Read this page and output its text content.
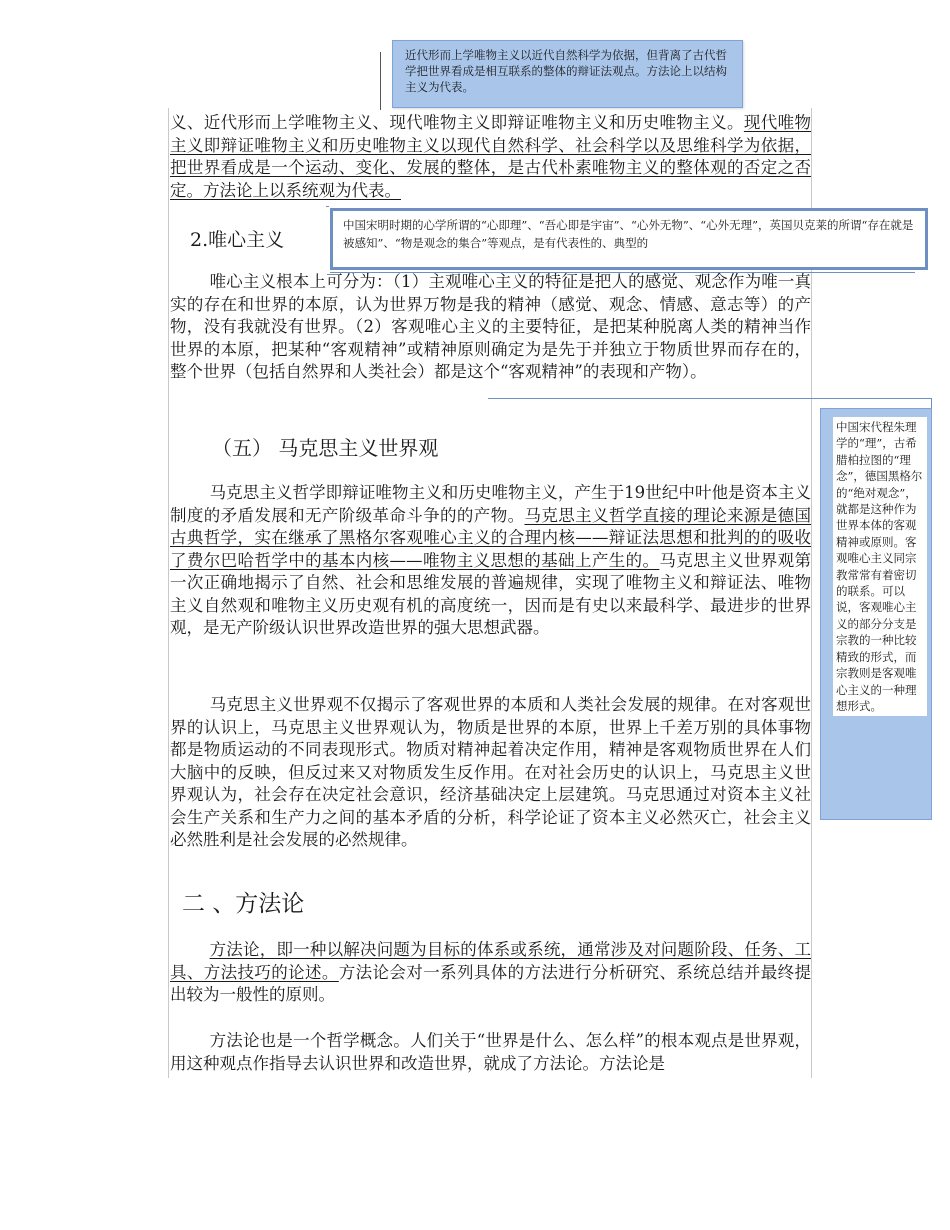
近代形而上学唯物主义以近代自然科学为依据，但背离了古代哲学把世界看成是相互联系的整体的辩证法观点。方法论上以结构主义为代表。

义、近代形而上学唯物主义、现代唯物主义即辩证唯物主义和历史唯物主义。现代唯物主义即辩证唯物主义和历史唯物主义以现代自然科学、社会科学以及思维科学为依据，把世界看成是一个运动、变化、发展的整体，是古代朴素唯物主义的整体观的否定之否定。方法论上以系统观为代表。

2.唯心主义
中国宋明时期的心学所谓的“心即理”、“吾心即是宇宙”、“心外无物”、“心外无理”，英国贝克莱的所谓“存在就是被感知”、“物是观念的集合”等观点，是有代表性的、典型的

唯心主义根本上可分为：（1）主观唯心主义的特征是把人的感觉、观念作为唯一真实的存在和世界的本原，认为世界万物是我的精神（感觉、观念、情感、意志等）的产物，没有我就没有世界。（2）客观唯心主义的主要特征，是把某种脱离人类的精神当作世界的本原，把某种“客观精神”或精神原则确定为是先于并独立于物质世界而存在的，整个世界（包括自然界和人类社会）都是这个“客观精神”的表现和产物）。

中国宋代程朱理学的“理”，古希腊柏拉图的“理念”，德国黑格尔的“绝对观念”，就都是这种作为世界本体的客观精神或原则。客观唯心主义同宗教常常有着密切的联系。可以说，客观唯心主义的部分分支是宗教的一种比较精致的形式，而宗教则是客观唯心主义的一种理想形式。
（五） 马克思主义世界观

马克思主义哲学即辩证唯物主义和历史唯物主义，产生于19世纪中叶他是资本主义制度的矛盾发展和无产阶级革命斗争的的产物。马克思主义哲学直接的理论来源是德国古典哲学，实在继承了黑格尔客观唯心主义的合理内核——辩证法思想和批判的的吸收了费尔巴哈哲学中的基本内核——唯物主义思想的基础上产生的。马克思主义世界观第一次正确地揭示了自然、社会和思维发展的普遍规律，实现了唯物主义和辩证法、唯物主义自然观和唯物主义历史观有机的高度统一，因而是有史以来最科学、最进步的世界观，是无产阶级认识世界改造世界的强大思想武器。

马克思主义世界观不仅揭示了客观世界的本质和人类社会发展的规律。在对客观世界的认识上，马克思主义世界观认为，物质是世界的本原，世界上千差万别的具体事物都是物质运动的不同表现形式。物质对精神起着决定作用，精神是客观物质世界在人们大脑中的反映，但反过来又对物质发生反作用。在对社会历史的认识上，马克思主义世界观认为，社会存在决定社会意识，经济基础决定上层建筑。马克思通过对资本主义社会生产关系和生产力之间的基本矛盾的分析，科学论证了资本主义必然灭亡，社会主义必然胜利是社会发展的必然规律。

二 、方法论

方法论，即一种以解决问题为目标的体系或系统，通常涉及对问题阶段、任务、工具、方法技巧的论述。方法论会对一系列具体的方法进行分析研究、系统总结并最终提出较为一般性的原则。

方法论也是一个哲学概念。人们关于“世界是什么、怎么样”的根本观点是世界观，用这种观点作指导去认识世界和改造世界，就成了方法论。方法论是
